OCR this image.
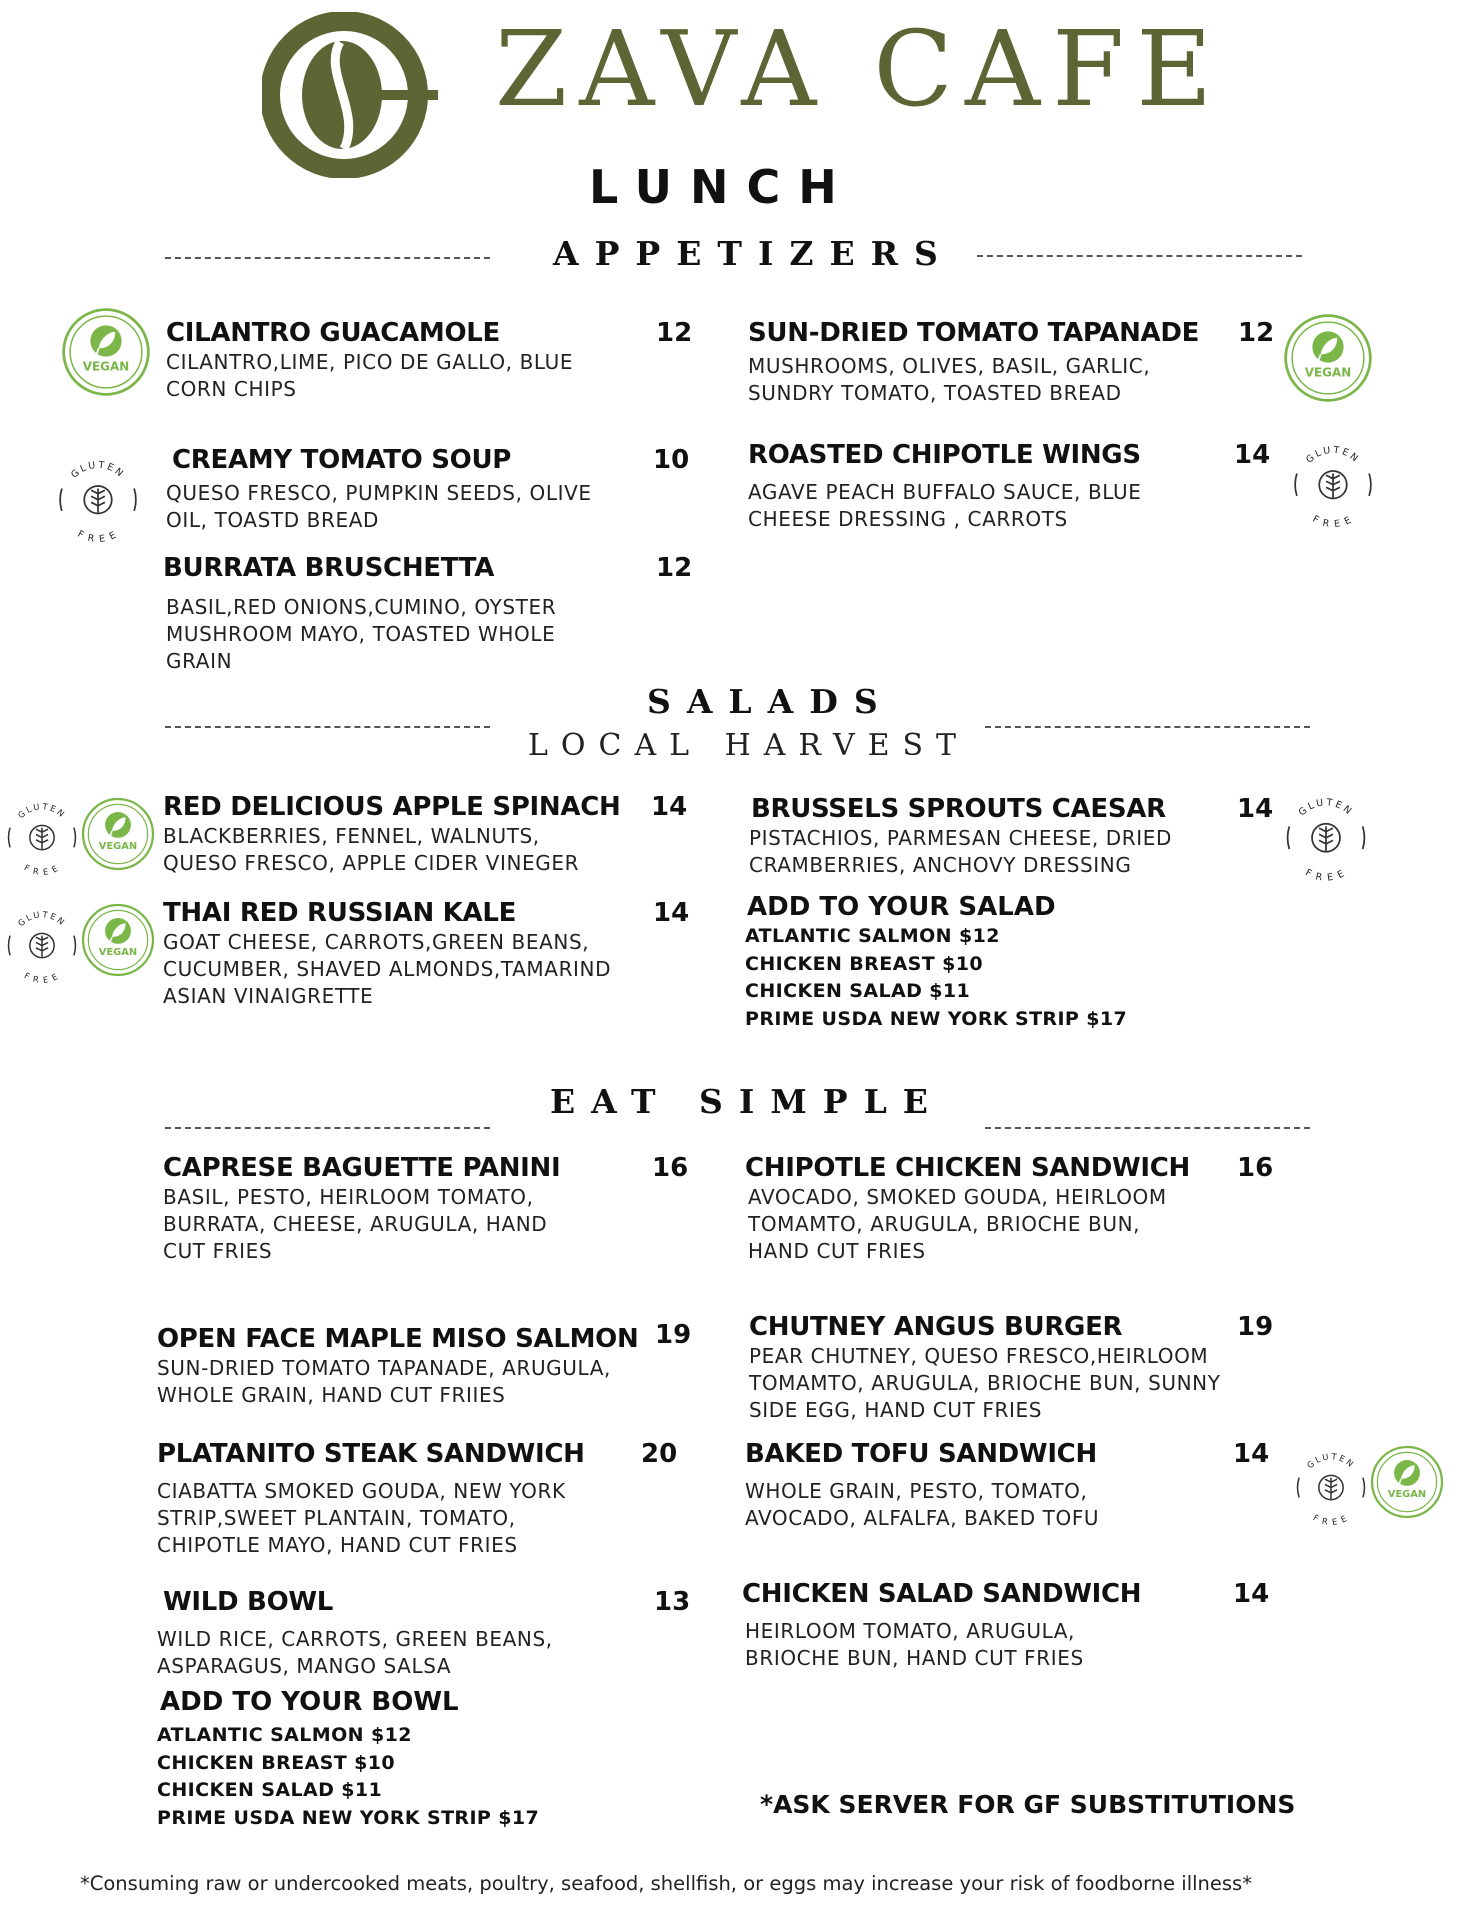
ZAVA CAFE
LUNCH
APPETIZERS
CILANTRO GUACAMOLE	12
CILANTRO,LIME, PICO DE GALLO, BLUE
CORN CHIPS
SUN-DRIED TOMATO TAPANADE	12
MUSHROOMS, OLIVES, BASIL, GARLIC,
SUNDRY TOMATO, TOASTED BREAD
CREAMY TOMATO SOUP	10
QUESO FRESCO, PUMPKIN SEEDS, OLIVE
OIL, TOASTD BREAD
ROASTED CHIPOTLE WINGS	14
AGAVE PEACH BUFFALO SAUCE, BLUE
CHEESE DRESSING , CARROTS
BURRATA BRUSCHETTA	12
BASIL,RED ONIONS,CUMINO, OYSTER
MUSHROOM MAYO, TOASTED WHOLE
GRAIN
SALADS
LOCAL HARVEST
RED DELICIOUS APPLE SPINACH	14
BLACKBERRIES, FENNEL, WALNUTS,
QUESO FRESCO, APPLE CIDER VINEGER
BRUSSELS SPROUTS CAESAR	14
PISTACHIOS, PARMESAN CHEESE, DRIED
CRAMBERRIES, ANCHOVY DRESSING
THAI RED RUSSIAN KALE	14
GOAT CHEESE, CARROTS,GREEN BEANS,
CUCUMBER, SHAVED ALMONDS,TAMARIND
ASIAN VINAIGRETTE
ADD TO YOUR SALAD
ATLANTIC SALMON $12
CHICKEN BREAST $10
CHICKEN SALAD $11
PRIME USDA NEW YORK STRIP $17
EAT SIMPLE
CAPRESE BAGUETTE PANINI	16
BASIL, PESTO, HEIRLOOM TOMATO,
BURRATA, CHEESE, ARUGULA, HAND
CUT FRIES
CHIPOTLE CHICKEN SANDWICH	16
AVOCADO, SMOKED GOUDA, HEIRLOOM
TOMAMTO, ARUGULA, BRIOCHE BUN,
HAND CUT FRIES
OPEN FACE MAPLE MISO SALMON 19
SUN-DRIED TOMATO TAPANADE, ARUGULA,
WHOLE GRAIN, HAND CUT FRIIES
CHUTNEY ANGUS BURGER	19
PEAR CHUTNEY, QUESO FRESCO,HEIRLOOM
TOMAMTO, ARUGULA, BRIOCHE BUN, SUNNY
SIDE EGG, HAND CUT FRIES
PLATANITO STEAK SANDWICH	20
CIABATTA SMOKED GOUDA, NEW YORK
STRIP,SWEET PLANTAIN, TOMATO,
CHIPOTLE MAYO, HAND CUT FRIES
BAKED TOFU SANDWICH	14
WHOLE GRAIN, PESTO, TOMATO,
AVOCADO, ALFALFA, BAKED TOFU
WILD BOWL	13
WILD RICE, CARROTS, GREEN BEANS,
ASPARAGUS, MANGO SALSA
CHICKEN SALAD SANDWICH	14
HEIRLOOM TOMATO, ARUGULA,
BRIOCHE BUN, HAND CUT FRIES
ADD TO YOUR BOWL
ATLANTIC SALMON $12
CHICKEN BREAST $10
CHICKEN SALAD $11
PRIME USDA NEW YORK STRIP $17	*ASK SERVER FOR GF SUBSTITUTIONS
*Consuming raw or undercooked meats, poultry, seafood, shellfish, or eggs may increase your risk of foodborne illness*
VEGAN	VEGAN
VEGAN
VEGAN
VEGAN
GLUTEN
FREE
GLUTEN
FREE
GLUTEN
FREE
GLUTEN
FREE
GLUTEN
FREE
GLUTEN
FREE
